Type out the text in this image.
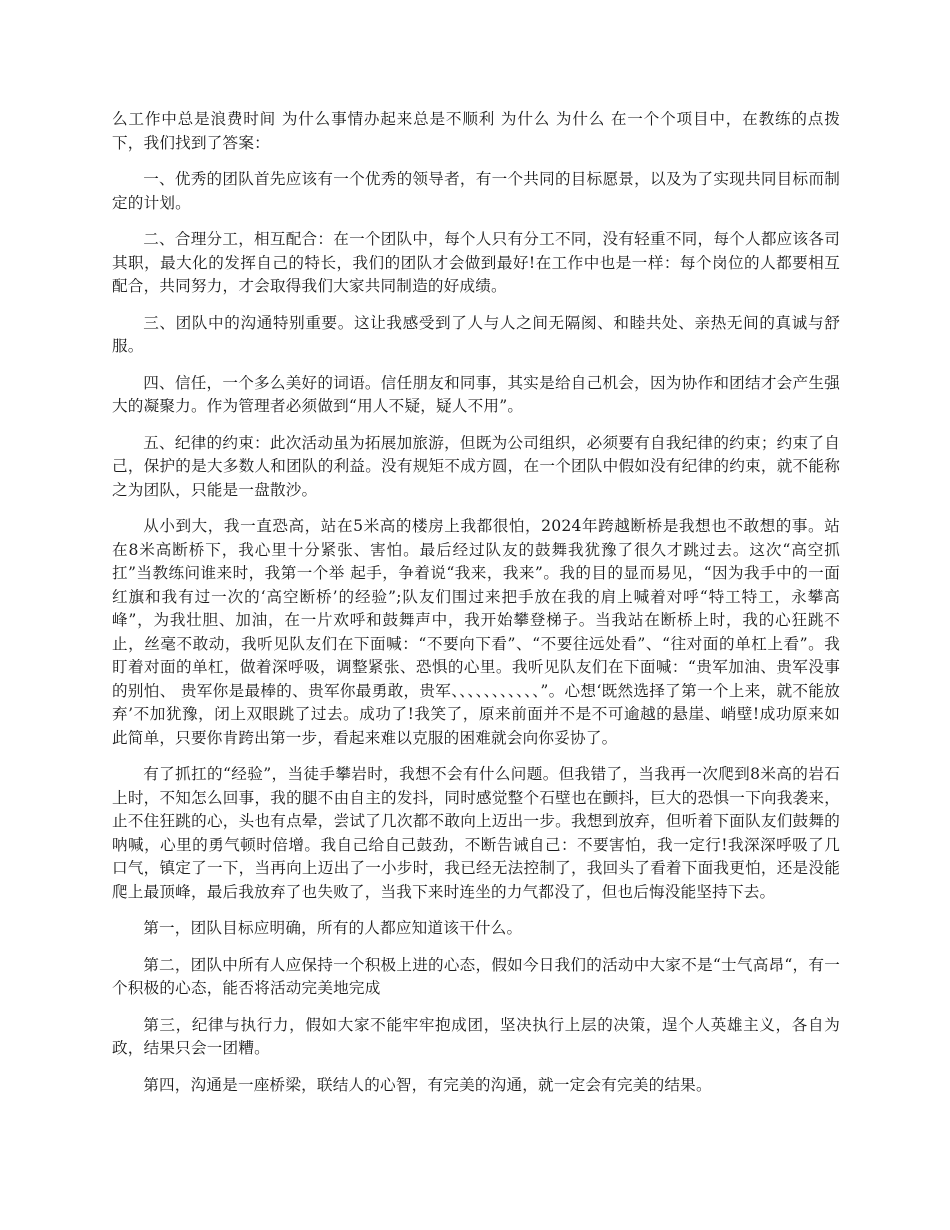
么工作中总是浪费时间 为什么事情办起来总是不顺利 为什么 为什么 在一个个项目中，在教练的点拨下，我们找到了答案：

一、优秀的团队首先应该有一个优秀的领导者，有一个共同的目标愿景，以及为了实现共同目标而制定的计划。

二、合理分工，相互配合：在一个团队中，每个人只有分工不同，没有轻重不同，每个人都应该各司其职，最大化的发挥自己的特长，我们的团队才会做到最好!在工作中也是一样：每个岗位的人都要相互配合，共同努力，才会取得我们大家共同制造的好成绩。

三、团队中的沟通特别重要。这让我感受到了人与人之间无隔阂、和睦共处、亲热无间的真诚与舒服。

四、信任，一个多么美好的词语。信任朋友和同事，其实是给自己机会，因为协作和团结才会产生强大的凝聚力。作为管理者必须做到“用人不疑，疑人不用”。

五、纪律的约束：此次活动虽为拓展加旅游，但既为公司组织，必须要有自我纪律的约束；约束了自己，保护的是大多数人和团队的利益。没有规矩不成方圆，在一个团队中假如没有纪律的约束，就不能称之为团队，只能是一盘散沙。

从小到大，我一直恐高，站在5米高的楼房上我都很怕，2024年跨越断桥是我想也不敢想的事。站在8米高断桥下，我心里十分紧张、害怕。最后经过队友的鼓舞我犹豫了很久才跳过去。这次“高空抓扛”当教练问谁来时，我第一个举 起手，争着说“我来，我来”。我的目的显而易见，“因为我手中的一面红旗和我有过一次的‘高空断桥’的经验”;队友们围过来把手放在我的肩上喊着对呼“特工特工，永攀高峰”，为我壮胆、加油，在一片欢呼和鼓舞声中，我开始攀登梯子。当我站在断桥上时，我的心狂跳不止，丝毫不敢动，我听见队友们在下面喊：“不要向下看”、“不要往远处看”、“往对面的单杠上看”。我盯着对面的单杠，做着深呼吸，调整紧张、恐惧的心里。我听见队友们在下面喊：“贵军加油、贵军没事的别怕、 贵军你是最棒的、贵军你最勇敢，贵军、、、、、、、、、、、”。心想‘既然选择了第一个上来，就不能放弃’不加犹豫，闭上双眼跳了过去。成功了!我笑了，原来前面并不是不可逾越的悬崖、峭壁!成功原来如此简单，只要你肯跨出第一步，看起来难以克服的困难就会向你妥协了。

有了抓扛的“经验”，当徒手攀岩时，我想不会有什么问题。但我错了，当我再一次爬到8米高的岩石上时，不知怎么回事，我的腿不由自主的发抖，同时感觉整个石壁也在颤抖，巨大的恐惧一下向我袭来，止不住狂跳的心，头也有点晕，尝试了几次都不敢向上迈出一步。我想到放弃，但听着下面队友们鼓舞的呐喊，心里的勇气顿时倍增。我自己给自己鼓劲，不断告诫自己：不要害怕，我一定行!我深深呼吸了几口气，镇定了一下，当再向上迈出了一小步时，我已经无法控制了，我回头了看着下面我更怕，还是没能爬上最顶峰，最后我放弃了也失败了，当我下来时连坐的力气都没了，但也后悔没能坚持下去。

第一，团队目标应明确，所有的人都应知道该干什么。

第二，团队中所有人应保持一个积极上进的心态，假如今日我们的活动中大家不是“士气高昂“，有一个积极的心态，能否将活动完美地完成

第三，纪律与执行力，假如大家不能牢牢抱成团，坚决执行上层的决策，逞个人英雄主义，各自为政，结果只会一团糟。

第四，沟通是一座桥梁，联结人的心智，有完美的沟通，就一定会有完美的结果。
